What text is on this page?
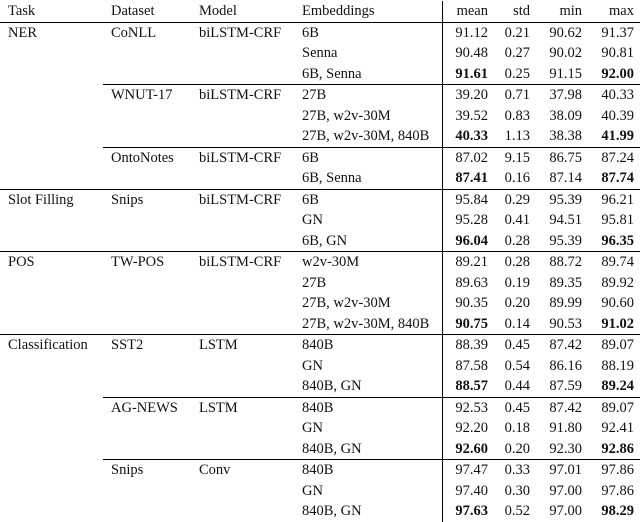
Task	Dataset	Model	Embeddings	mean	std	min	max
NER	CoNLL	biLSTM-CRF	6B	91.12	0.21	90.62	91.37
			Senna	90.48	0.27	90.02	90.81
			6B, Senna	91.61	0.25	91.15	92.00
	WNUT-17	biLSTM-CRF	27B	39.20	0.71	37.98	40.33
			27B, w2v-30M	39.52	0.83	38.09	40.39
			27B, w2v-30M, 840B	40.33	1.13	38.38	41.99
	OntoNotes	biLSTM-CRF	6B	87.02	9.15	86.75	87.24
			6B, Senna	87.41	0.16	87.14	87.74
Slot Filling	Snips	biLSTM-CRF	6B	95.84	0.29	95.39	96.21
			GN	95.28	0.41	94.51	95.81
			6B, GN	96.04	0.28	95.39	96.35
POS	TW-POS	biLSTM-CRF	w2v-30M	89.21	0.28	88.72	89.74
			27B	89.63	0.19	89.35	89.92
			27B, w2v-30M	90.35	0.20	89.99	90.60
			27B, w2v-30M, 840B	90.75	0.14	90.53	91.02
Classification	SST2	LSTM	840B	88.39	0.45	87.42	89.07
			GN	87.58	0.54	86.16	88.19
			840B, GN	88.57	0.44	87.59	89.24
	AG-NEWS	LSTM	840B	92.53	0.45	87.42	89.07
			GN	92.20	0.18	91.80	92.41
			840B, GN	92.60	0.20	92.30	92.86
	Snips	Conv	840B	97.47	0.33	97.01	97.86
			GN	97.40	0.30	97.00	97.86
			840B, GN	97.63	0.52	97.00	98.29
